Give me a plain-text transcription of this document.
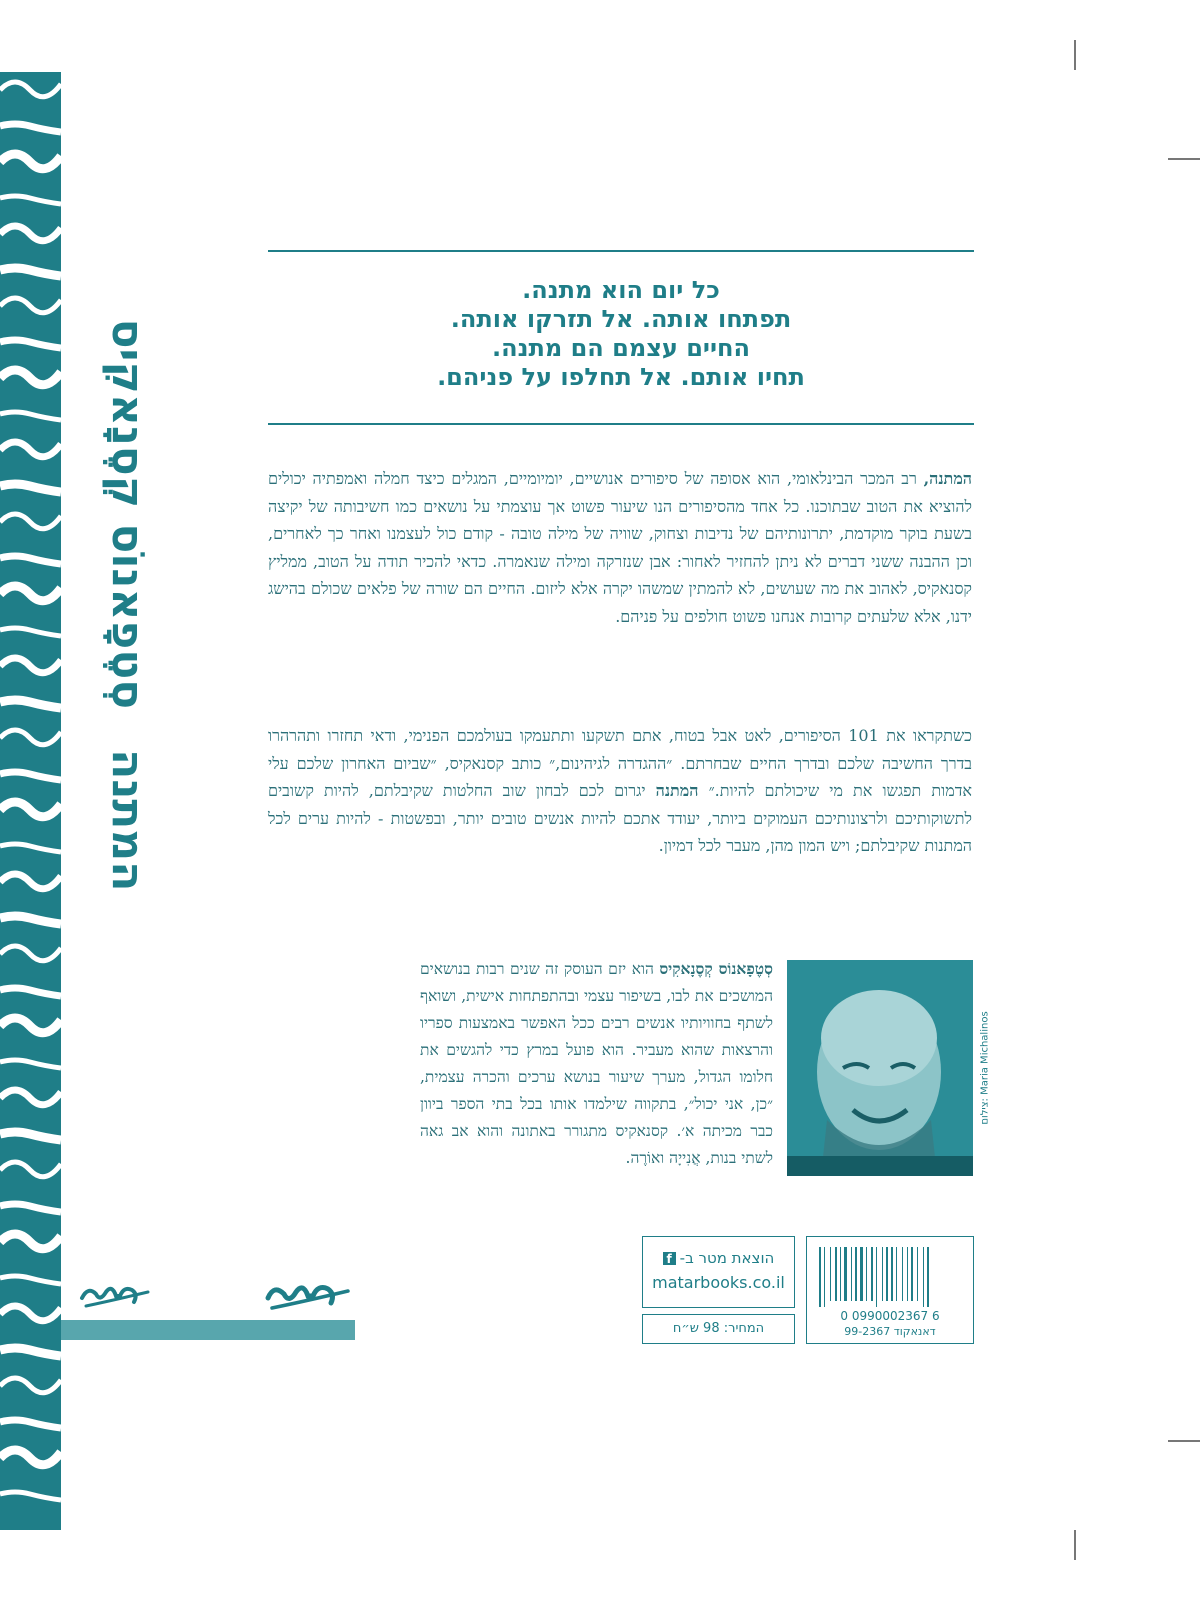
סְטֶפָאנוֹס קְסֶנָאקִיס
המתנה
כל יום הוא מתנה.
תפתחו אותה. אל תזרקו אותה.
החיים עצמם הם מתנה.
תחיו אותם. אל תחלפו על פניהם.
המתנה, רב המכר הבינלאומי, הוא אסופה של סיפורים אנושיים, יומיומיים, המגלים כיצד חמלה ואמפתיה יכולים להוציא את הטוב שבתוכנו. כל אחד מהסיפורים הנו שיעור פשוט אך עוצמתי על נושאים כמו חשיבותה של יקיצה בשעת בוקר מוקדמת, יתרונותיהם של נדיבות וצחוק, שוויה של מילה טובה - קודם כול לעצמנו ואחר כך לאחרים, וכן ההבנה ששני דברים לא ניתן להחזיר לאחור: אבן שנזרקה ומילה שנאמרה. כדאי להכיר תודה על הטוב, ממליץ קסנאקיס, לאהוב את מה שעושים, לא להמתין שמשהו יקרה אלא ליזום. החיים הם שורה של פלאים שכולם בהישג ידנו, אלא שלעתים קרובות אנחנו פשוט חולפים על פניהם.
כשתקראו את 101 הסיפורים, לאט אבל בטוח, אתם תשקעו ותתעמקו בעולמכם הפנימי, ודאי תחזרו ותהרהרו בדרך החשיבה שלכם ובדרך החיים שבחרתם. ״ההגדרה לגיהינום,״ כותב קסנאקיס, ״שביום האחרון שלכם עלי אדמות תפגשו את מי שיכולתם להיות.״ המתנה יגרום לכם לבחון שוב החלטות שקיבלתם, להיות קשובים לתשוקותיכם ולרצונותיכם העמוקים ביותר, יעודד אתכם להיות אנשים טובים יותר, ובפשטות - להיות ערים לכל המתנות שקיבלתם; ויש המון מהן, מעבר לכל דמיון.
צילום: Maria Michalinos
סְטֶפָאנוֹס קְסֶנָאקִיס הוא יזם העוסק זה שנים רבות בנושאים המושכים את לבו, בשיפור עצמי ובהתפתחות אישית, ושואף לשתף בחוויותיו אנשים רבים ככל האפשר באמצעות ספריו והרצאות שהוא מעביר. הוא פועל במרץ כדי להגשים את חלומו הגדול, מערך שיעור בנושא ערכים והכרה עצמית, ״כן, אני יכול״, בתקווה שילמדו אותו בכל בתי הספר ביוון כבר מכיתה א׳. קסנאקיס מתגורר באתונה והוא אב גאה לשתי בנות, אֲנִייָה ואוֹרֶה.
הוצאת מטר ב-
f
matarbooks.co.il
המחיר: 98 ש״ח
0 0990002367 6
דאנאקוד 99-2367
